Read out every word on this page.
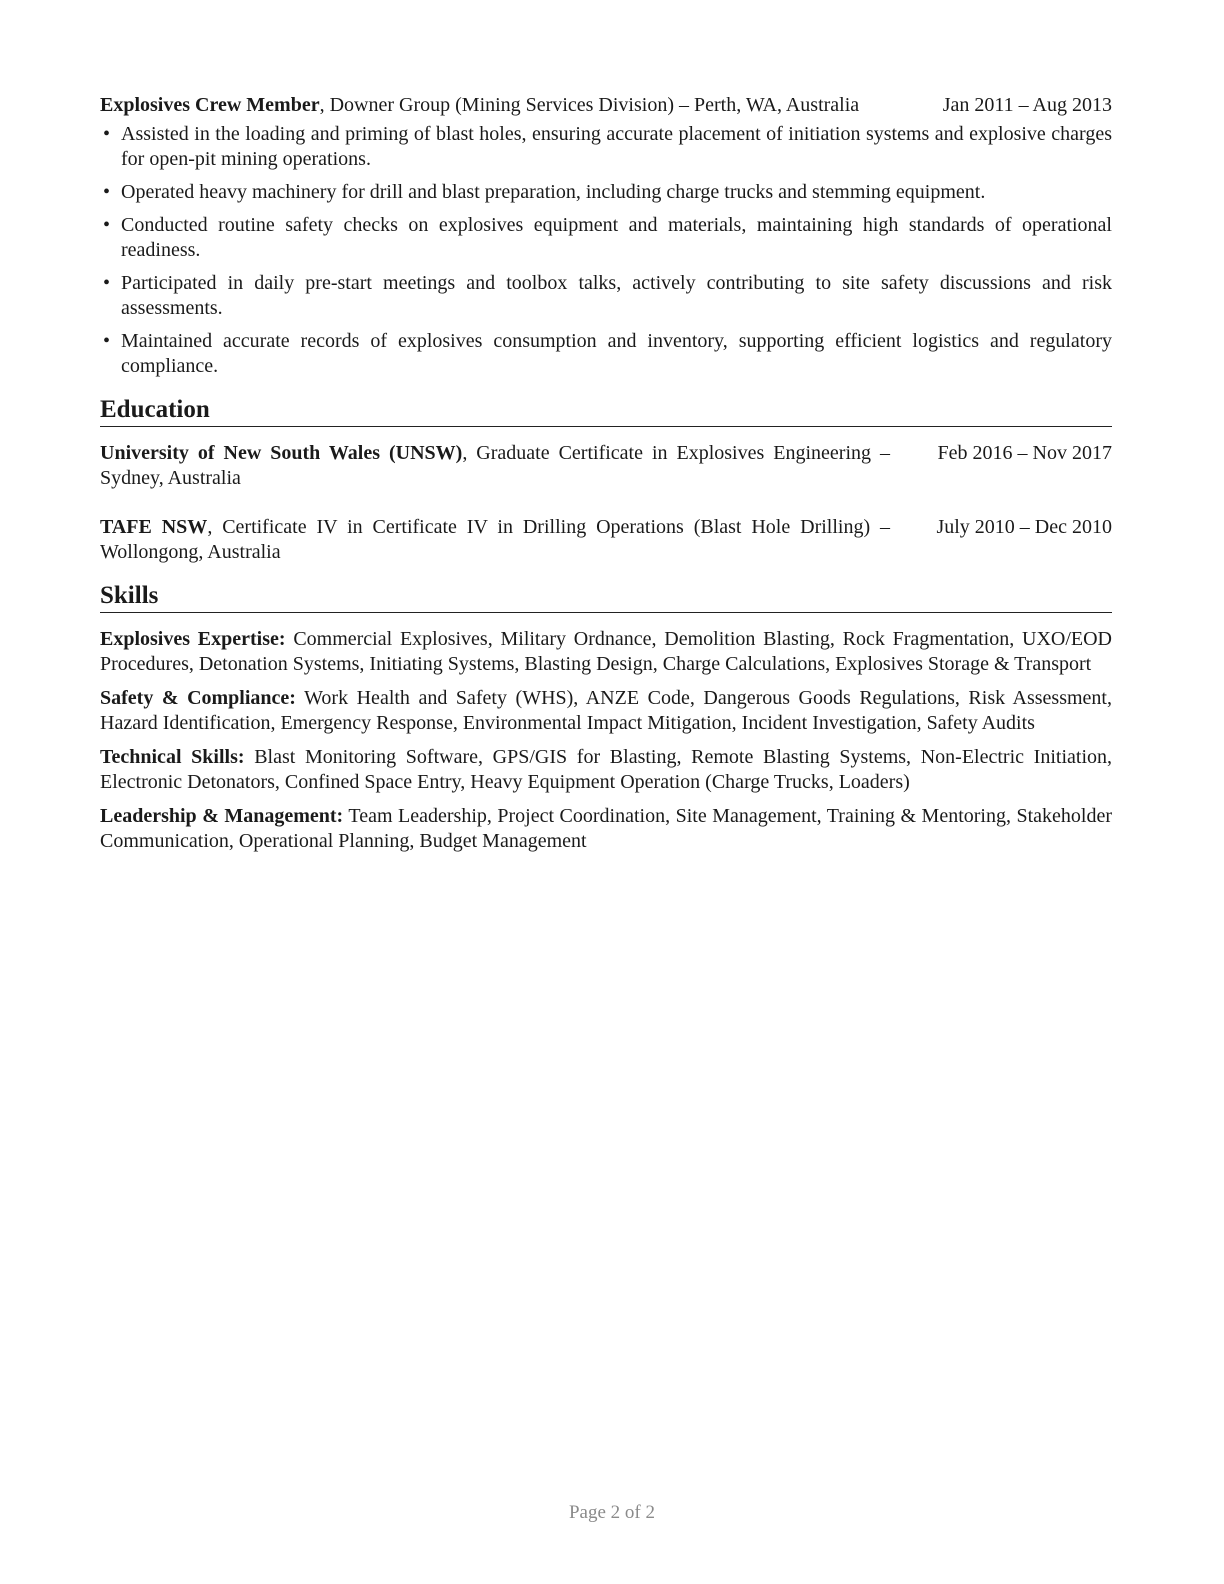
Explosives Crew Member, Downer Group (Mining Services Division) – Perth, WA, Australia	Jan 2011 – Aug 2013
• Assisted in the loading and priming of blast holes, ensuring accurate placement of initiation systems and explosive charges for open-pit mining operations.
• Operated heavy machinery for drill and blast preparation, including charge trucks and stemming equipment.
• Conducted routine safety checks on explosives equipment and materials, maintaining high standards of operational readiness.
• Participated in daily pre-start meetings and toolbox talks, actively contributing to site safety discussions and risk assessments.
• Maintained accurate records of explosives consumption and inventory, supporting efficient logistics and regulatory compliance.
Education
University of New South Wales (UNSW), Graduate Certificate in Explosives Engineering – Sydney, Australia
Feb 2016 – Nov 2017
TAFE NSW, Certificate IV in Certificate IV in Drilling Operations (Blast Hole Drilling) – Wollongong, Australia
July 2010 – Dec 2010
Skills
Explosives Expertise: Commercial Explosives, Military Ordnance, Demolition Blasting, Rock Fragmentation, UXO/EOD Procedures, Detonation Systems, Initiating Systems, Blasting Design, Charge Calculations, Explosives Storage & Transport
Safety & Compliance: Work Health and Safety (WHS), ANZE Code, Dangerous Goods Regulations, Risk Assessment, Hazard Identification, Emergency Response, Environmental Impact Mitigation, Incident Investigation, Safety Audits
Technical Skills: Blast Monitoring Software, GPS/GIS for Blasting, Remote Blasting Systems, Non-Electric Initiation, Electronic Detonators, Confined Space Entry, Heavy Equipment Operation (Charge Trucks, Loaders)
Leadership & Management: Team Leadership, Project Coordination, Site Management, Training & Mentoring, Stakeholder Communication, Operational Planning, Budget Management
Page 2 of 2
